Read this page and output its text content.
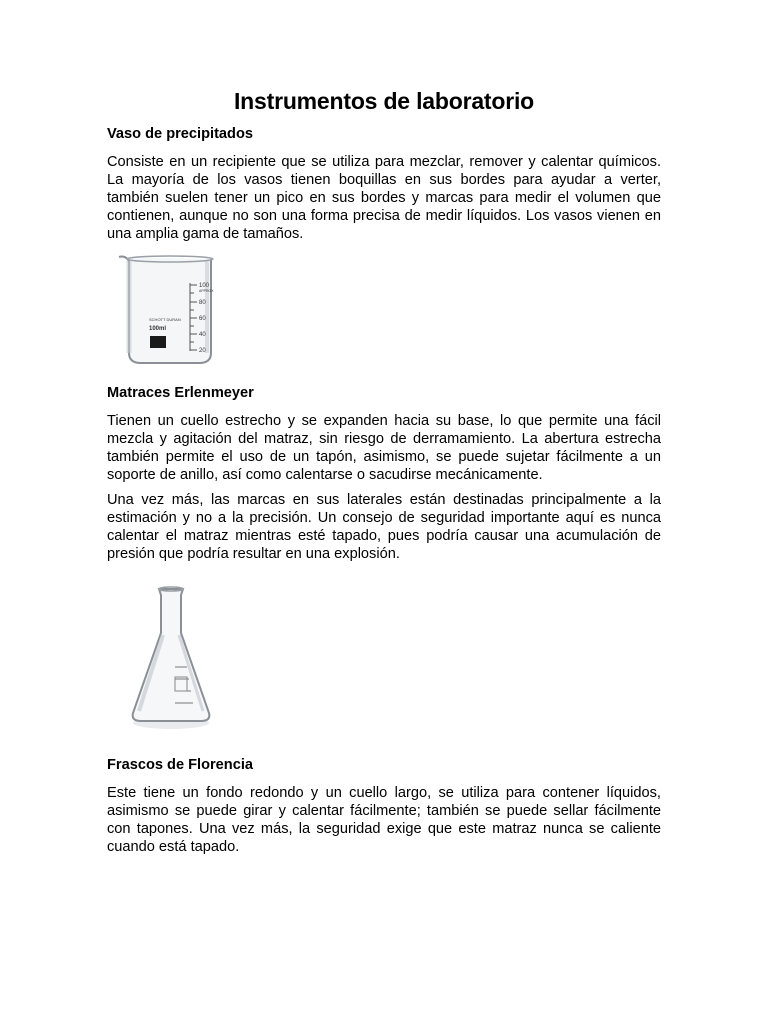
Instrumentos de laboratorio
Vaso de precipitados

Consiste en un recipiente que se utiliza para mezclar, remover y calentar químicos. La mayoría de los vasos tienen boquillas en sus bordes para ayudar a verter, también suelen tener un pico en sus bordes y marcas para medir el volumen que contienen, aunque no son una forma precisa de medir líquidos. Los vasos vienen en una amplia gama de tamaños.

100
80
60
40
20
APPROX
SCHOTT DURAN
100ml
Matraces Erlenmeyer

Tienen un cuello estrecho y se expanden hacia su base, lo que permite una fácil mezcla y agitación del matraz, sin riesgo de derramamiento. La abertura estrecha también permite el uso de un tapón, asimismo, se puede sujetar fácilmente a un soporte de anillo, así como calentarse o sacudirse mecánicamente.

Una vez más, las marcas en sus laterales están destinadas principalmente a la estimación y no a la precisión. Un consejo de seguridad importante aquí es nunca calentar el matraz mientras esté tapado, pues podría causar una acumulación de presión que podría resultar en una explosión.

Frascos de Florencia

Este tiene un fondo redondo y un cuello largo, se utiliza para contener líquidos, asimismo se puede girar y calentar fácilmente; también se puede sellar fácilmente con tapones. Una vez más, la seguridad exige que este matraz nunca se caliente cuando está tapado.
